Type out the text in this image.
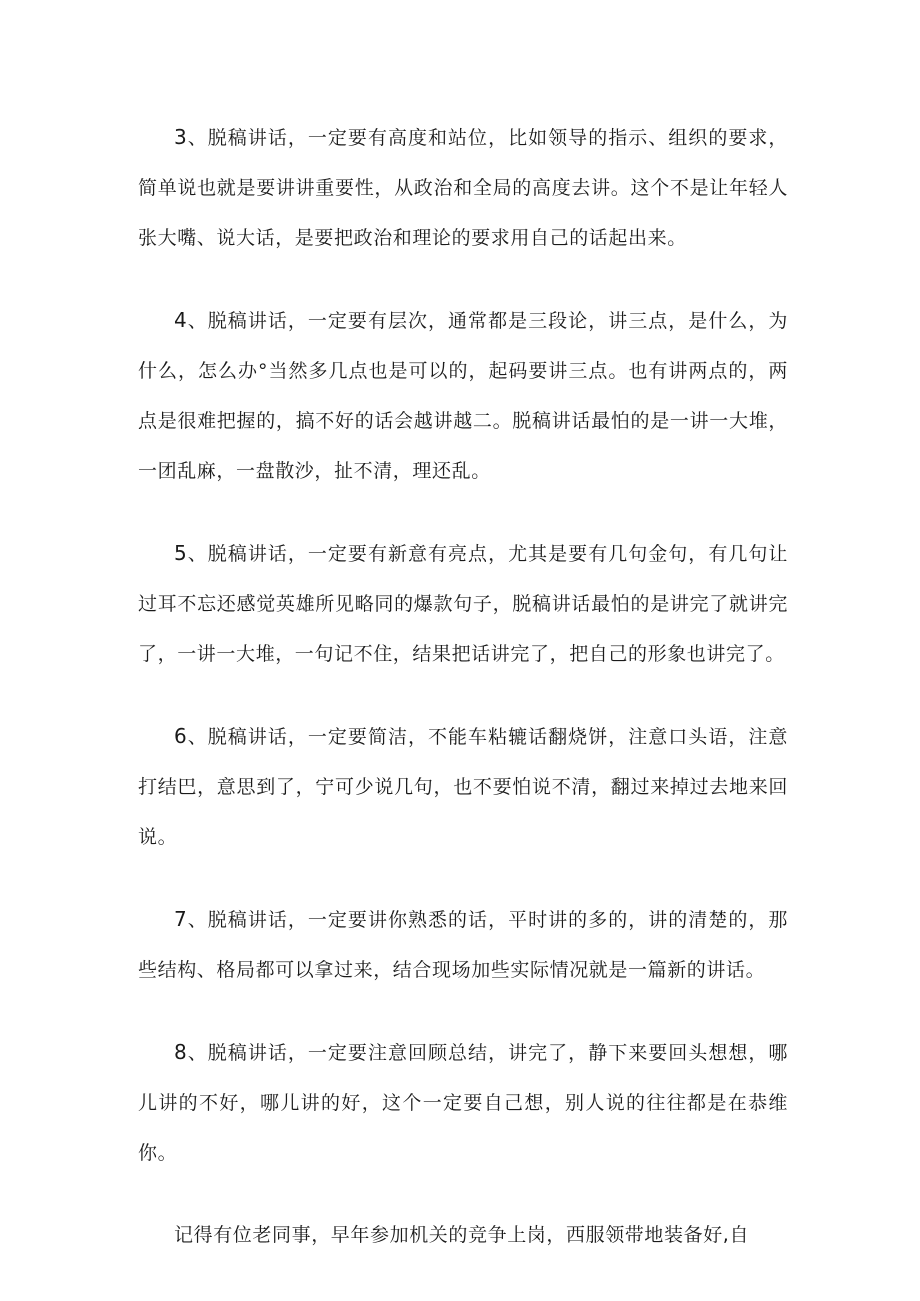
3、脱稿讲话，一定要有高度和站位，比如领导的指示、组织的要求，简单说也就是要讲讲重要性，从政治和全局的高度去讲。这个不是让年轻人张大嘴、说大话，是要把政治和理论的要求用自己的话起出来。

4、脱稿讲话，一定要有层次，通常都是三段论，讲三点，是什么，为什么，怎么办°当然多几点也是可以的，起码要讲三点。也有讲两点的，两点是很难把握的，搞不好的话会越讲越二。脱稿讲话最怕的是一讲一大堆，一团乱麻，一盘散沙，扯不清，理还乱。

5、脱稿讲话，一定要有新意有亮点，尤其是要有几句金句，有几句让过耳不忘还感觉英雄所见略同的爆款句子，脱稿讲话最怕的是讲完了就讲完了，一讲一大堆，一句记不住，结果把话讲完了，把自己的形象也讲完了。

6、脱稿讲话，一定要简洁，不能车粘辘话翻烧饼，注意口头语，注意打结巴，意思到了，宁可少说几句，也不要怕说不清，翻过来掉过去地来回说。

7、脱稿讲话，一定要讲你熟悉的话，平时讲的多的，讲的清楚的，那些结构、格局都可以拿过来，结合现场加些实际情况就是一篇新的讲话。

8、脱稿讲话，一定要注意回顾总结，讲完了，静下来要回头想想，哪儿讲的不好，哪儿讲的好，这个一定要自己想，别人说的往往都是在恭维你。

记得有位老同事，早年参加机关的竞争上岗，西服领带地装备好,自
